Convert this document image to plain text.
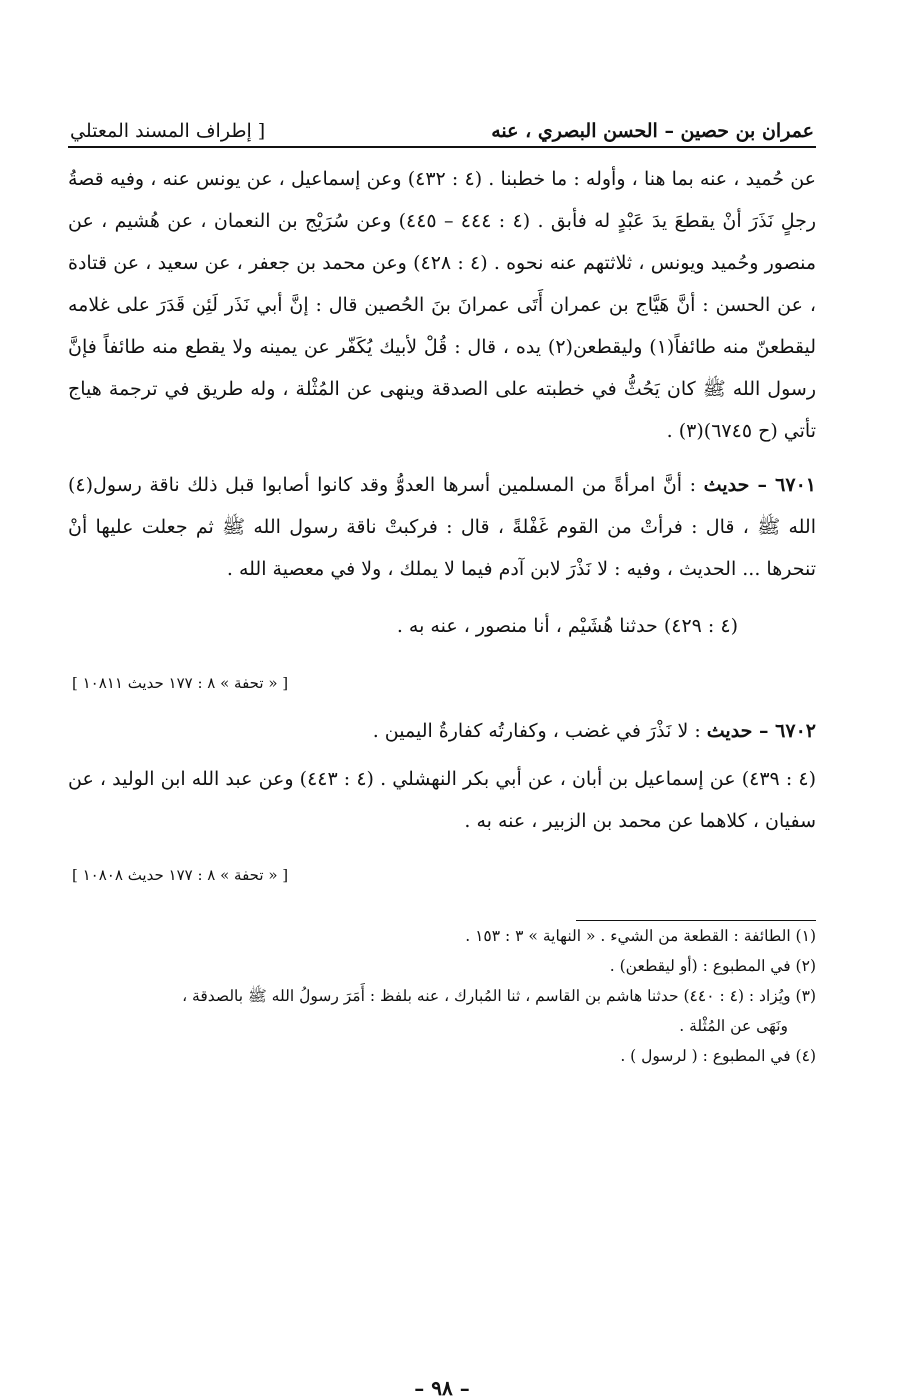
عمران بن حصين – الحسن البصري ، عنه
[ إطراف المسند المعتلي

عن حُميد ، عنه بما هنا ، وأوله : ما خطبنا . (٤ : ٤٣٢) وعن إسماعيل ، عن يونس عنه ، وفيه قصةُ رجلٍ نَذَرَ أنْ يقطعَ يدَ عَبْدٍ له فأبق . (٤ : ٤٤٤ – ٤٤٥) وعن سُرَيْج بن النعمان ، عن هُشيم ، عن منصور وحُميد ويونس ، ثلاثتهم عنه نحوه . (٤ : ٤٢٨) وعن محمد بن جعفر ، عن سعيد ، عن قتادة ، عن الحسن : أنَّ هَيَّاج بن عمران أَتَى عمرانَ بنَ الحُصين قال : إنَّ أبي نَذَر لَئِن قَدَرَ على غلامه ليقطعنّ منه طائفاً(١) وليقطعن(٢) يده ، قال : قُلْ لأبيك يُكَفّر عن يمينه ولا يقطع منه طائفاً فإنَّ رسول الله ﷺ كان يَحُثُّ في خطبته على الصدقة وينهى عن المُثْلة ، وله طريق في ترجمة هياج تأتي (ح ٦٧٤٥)(٣) .

٦٧٠١ – حديث : أنَّ امرأةً من المسلمين أسرها العدوُّ وقد كانوا أصابوا قبل ذلك ناقة رسول(٤) الله ﷺ ، قال : فرأتْ من القوم غَفْلةً ، قال : فركبتْ ناقة رسول الله ﷺ ثم جعلت عليها أنْ تنحرها ... الحديث ، وفيه : لا نَذْرَ لابن آدم فيما لا يملك ، ولا في معصية الله .

(٤ : ٤٢٩) حدثنا هُشَيْم ، أنا منصور ، عنه به .

[ « تحفة » ٨ : ١٧٧ حديث ١٠٨١١ ]

٦٧٠٢ – حديث : لا نَذْرَ في غضب ، وكفارتُه كفارةُ اليمين .

(٤ : ٤٣٩) عن إسماعيل بن أبان ، عن أبي بكر النهشلي . (٤ : ٤٤٣) وعن عبد الله ابن الوليد ، عن سفيان ، كلاهما عن محمد بن الزبير ، عنه به .

[ « تحفة » ٨ : ١٧٧ حديث ١٠٨٠٨ ]

(١) الطائفة : القطعة من الشيء . « النهاية » ٣ : ١٥٣ .

(٢) في المطبوع : (أو ليقطعن) .

(٣) ويُزاد : (٤ : ٤٤٠) حدثنا هاشم بن القاسم ، ثنا المُبارك ، عنه بلفظ : أَمَرَ رسولُ الله ﷺ بالصدقة ،

ونَهَى عن المُثْلة .

(٤) في المطبوع : ( لرسول ) .

– ٩٨ –
